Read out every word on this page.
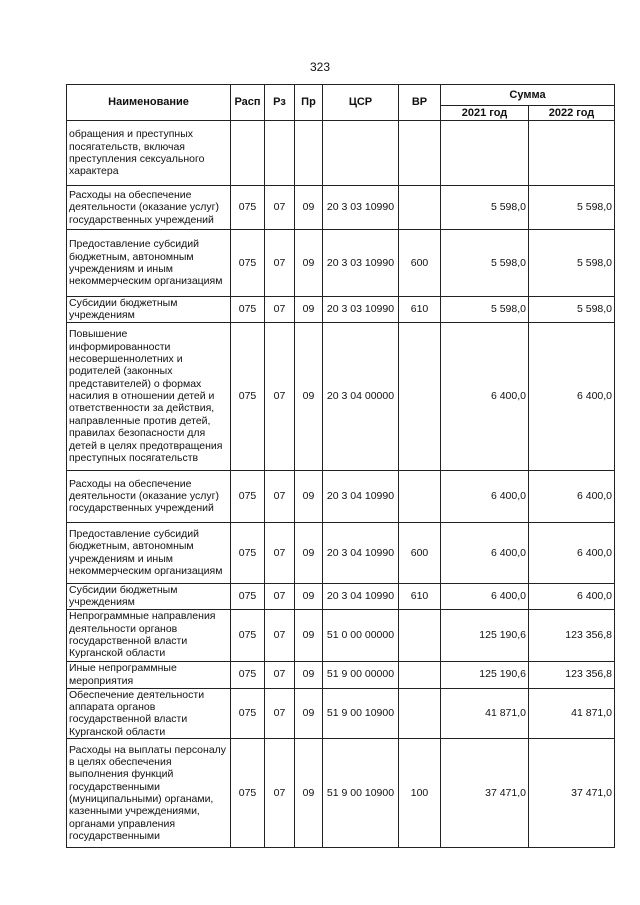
323
Наименование	Расп	Рз	Пр	ЦСР	ВР	Сумма	
						2021 год	2022 год
обращения и преступных посягательств, включая преступления сексуального характера							
Расходы на обеспечение деятельности (оказание услуг) государственных учреждений	075	07	09	20 3 03 10990		5 598,0	5 598,0
Предоставление субсидий бюджетным, автономным учреждениям и иным некоммерческим организациям	075	07	09	20 3 03 10990	600	5 598,0	5 598,0
Субсидии бюджетным учреждениям	075	07	09	20 3 03 10990	610	5 598,0	5 598,0
Повышение информированности несовершеннолетних и родителей (законных представителей) о формах насилия в отношении детей и ответственности за действия, направленные против детей, правилах безопасности для детей в целях предотвращения преступных посягательств	075	07	09	20 3 04 00000		6 400,0	6 400,0
Расходы на обеспечение деятельности (оказание услуг) государственных учреждений	075	07	09	20 3 04 10990		6 400,0	6 400,0
Предоставление субсидий бюджетным, автономным учреждениям и иным некоммерческим организациям	075	07	09	20 3 04 10990	600	6 400,0	6 400,0
Субсидии бюджетным учреждениям	075	07	09	20 3 04 10990	610	6 400,0	6 400,0
Непрограммные направления деятельности органов государственной власти Курганской области	075	07	09	51 0 00 00000		125 190,6	123 356,8
Иные непрограммные мероприятия	075	07	09	51 9 00 00000		125 190,6	123 356,8
Обеспечение деятельности аппарата органов государственной власти Курганской области	075	07	09	51 9 00 10900		41 871,0	41 871,0
Расходы на выплаты персоналу в целях обеспечения выполнения функций государственными (муниципальными) органами, казенными учреждениями, органами управления государственными	075	07	09	51 9 00 10900	100	37 471,0	37 471,0
